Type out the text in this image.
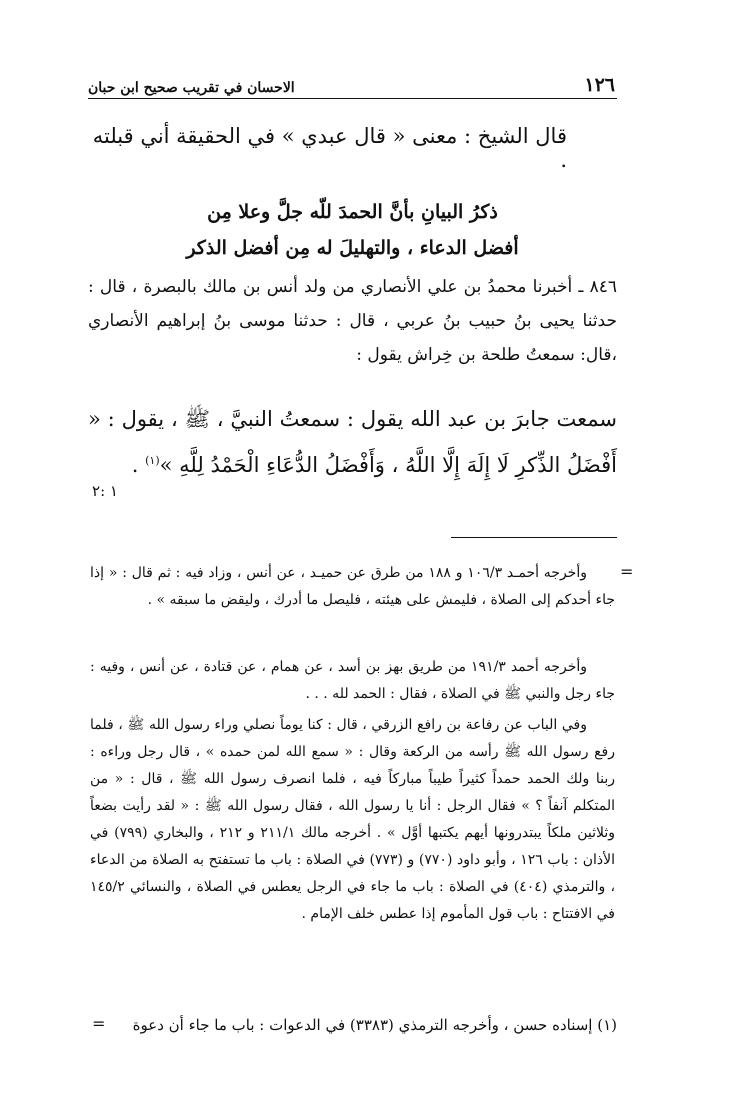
١٢٦
الاحسان في تقريب صحيح ابن حبان
قال الشيخ : معنى « قال عبدي » في الحقيقة أني قبلته .
ذكرُ البيانِ بأنَّ الحمدَ للّه جلَّ وعلا مِن
أفضل الدعاء ، والتهليلَ له مِن أفضل الذكر
٨٤٦ ـ أخبرنا محمدُ بن علي الأنصاري من ولد أنس بن مالك بالبصرة ، قال : حدثنا يحيى بنُ حبيب بنُ عربي ، قال : حدثنا موسى بنُ إبراهيم الأنصاري ،قال: سمعتُ طلحة بن خِراش يقول :
سمعت جابرَ بن عبد الله يقول : سمعتُ النبيَّ ، ﷺ ، يقول : « أَفْضَلُ الذِّكرِ لَا إِلَهَ إِلَّا اللَّهُ ، وَأَفْضَلُ الدُّعَاءِ الْحَمْدُ لِلَّهِ »$^{(١)}$ .
١ :٢
=
وأخرجه أحمـد ١٠٦/٣ و ١٨٨ من طرق عن حميـد ، عن أنس ، وزاد فيه : ثم قال : « إذا جاء أحدكم إلى الصلاة ، فليمش على هيئته ، فليصل ما أدرك ، وليقض ما سبقه » .
وأخرجه أحمد ١٩١/٣ من طريق بهز بن أسد ، عن همام ، عن قتادة ، عن أنس ، وفيه : جاء رجل والنبي ﷺ في الصلاة ، فقال : الحمد لله . . .
وفي الباب عن رفاعة بن رافع الزرقي ، قال : كنا يوماً نصلي وراء رسول الله ﷺ ، فلما رفع رسول الله ﷺ رأسه من الركعة وقال : « سمع الله لمن حمده » ، قال رجل وراءه : ربنا ولك الحمد حمداً كثيراً طيباً مباركاً فيه ، فلما انصرف رسول الله ﷺ ، قال : « من المتكلم آنفاً ؟ » فقال الرجل : أنا يا رسول الله ، فقال رسول الله ﷺ : « لقد رأيت بضعاً وثلاثين ملكاً يبتدرونها أيهم يكتبها أوَّل » . أخرجه مالك ٢١١/١ و ٢١٢ ، والبخاري (٧٩٩) في الأذان : باب ١٢٦ ، وأبو داود (٧٧٠) و (٧٧٣) في الصلاة : باب ما تستفتح به الصلاة من الدعاء ، والترمذي (٤٠٤) في الصلاة : باب ما جاء في الرجل يعطس في الصلاة ، والنسائي ١٤٥/٢ في الافتتاح : باب قول المأموم إذا عطس خلف الإمام .
(١) إسناده حسن ، وأخرجه الترمذي (٣٣٨٣) في الدعوات : باب ما جاء أن دعوة
=
